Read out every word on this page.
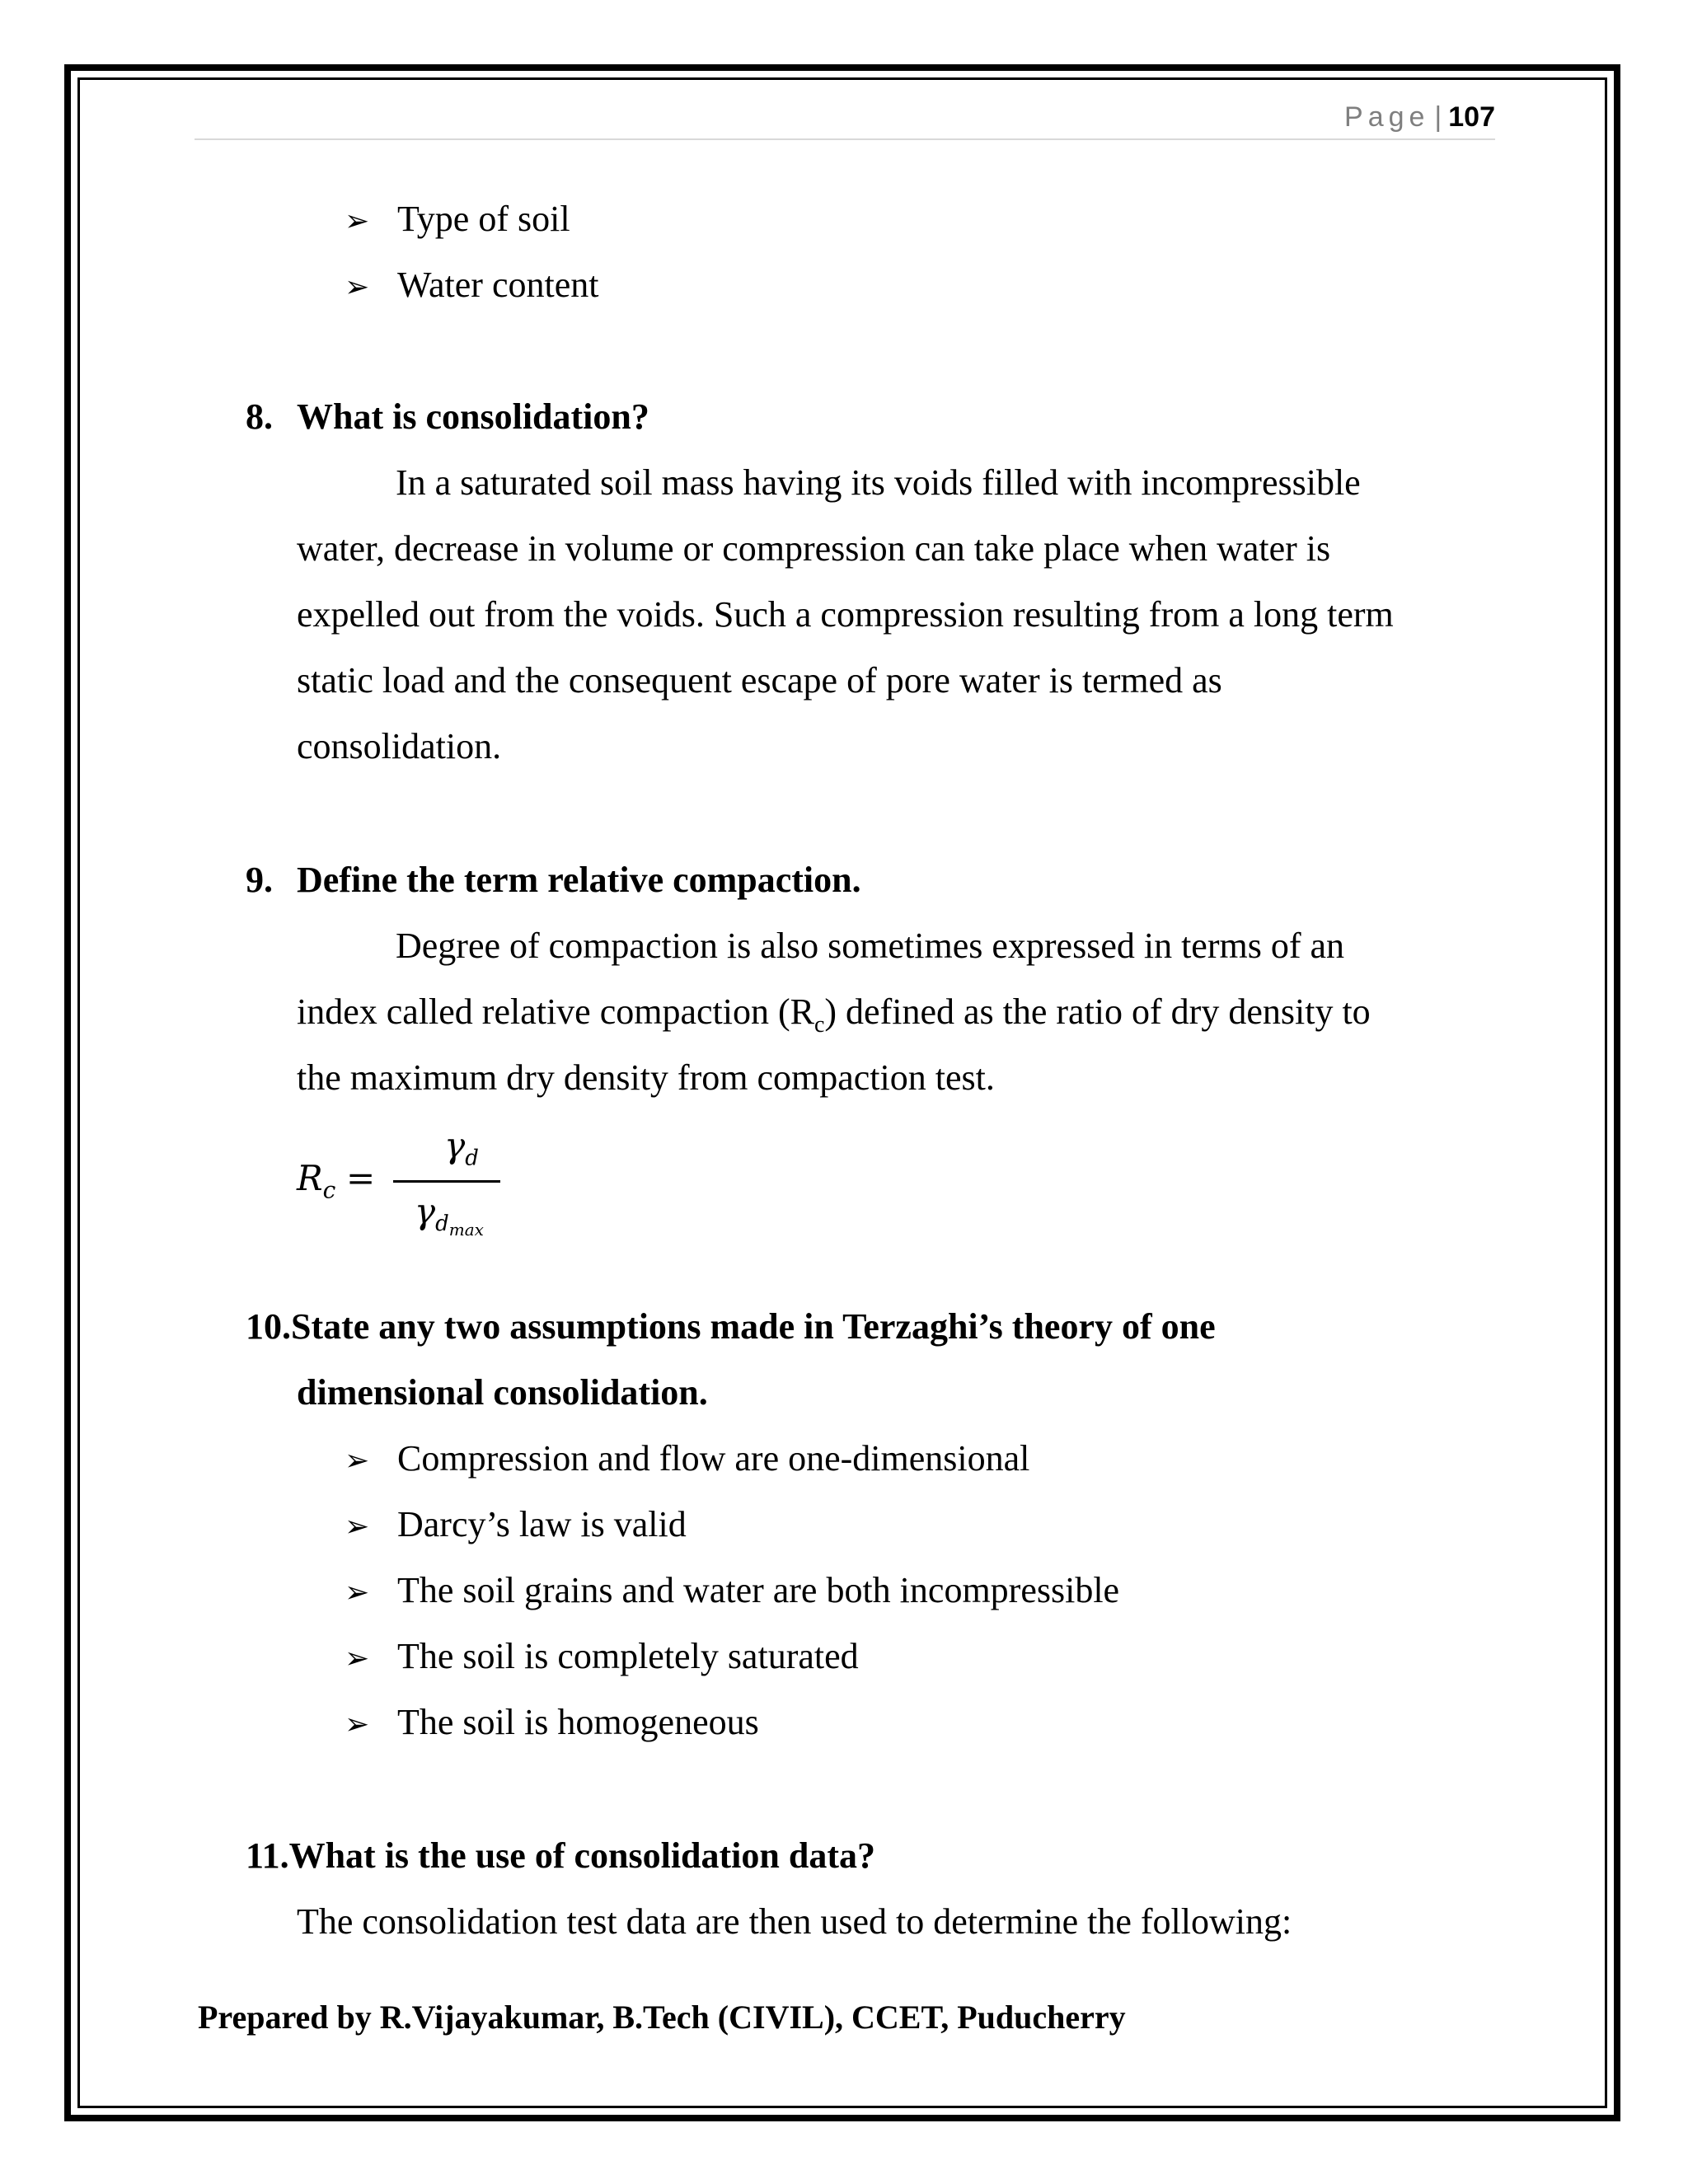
Page | 107
➢ Type of soil
➢ Water content
8. What is consolidation?
In a saturated soil mass having its voids filled with incompressible
water, decrease in volume or compression can take place when water is
expelled out from the voids. Such a compression resulting from a long term
static load and the consequent escape of pore water is termed as
consolidation.
9. Define the term relative compaction.
Degree of compaction is also sometimes expressed in terms of an
index called relative compaction $(R_c)$ defined as the ratio of dry density to
the maximum dry density from compaction test.
$R_c$ =
$\gamma_d$
$\gamma_{d_{max}}$
10.State any two assumptions made in Terzaghi’s theory of one
dimensional consolidation.
➢ Compression and flow are one-dimensional
➢ Darcy’s law is valid
➢ The soil grains and water are both incompressible
➢ The soil is completely saturated
➢ The soil is homogeneous
11.What is the use of consolidation data?
The consolidation test data are then used to determine the following:
Prepared by R.Vijayakumar, B.Tech (CIVIL), CCET, Puducherry
